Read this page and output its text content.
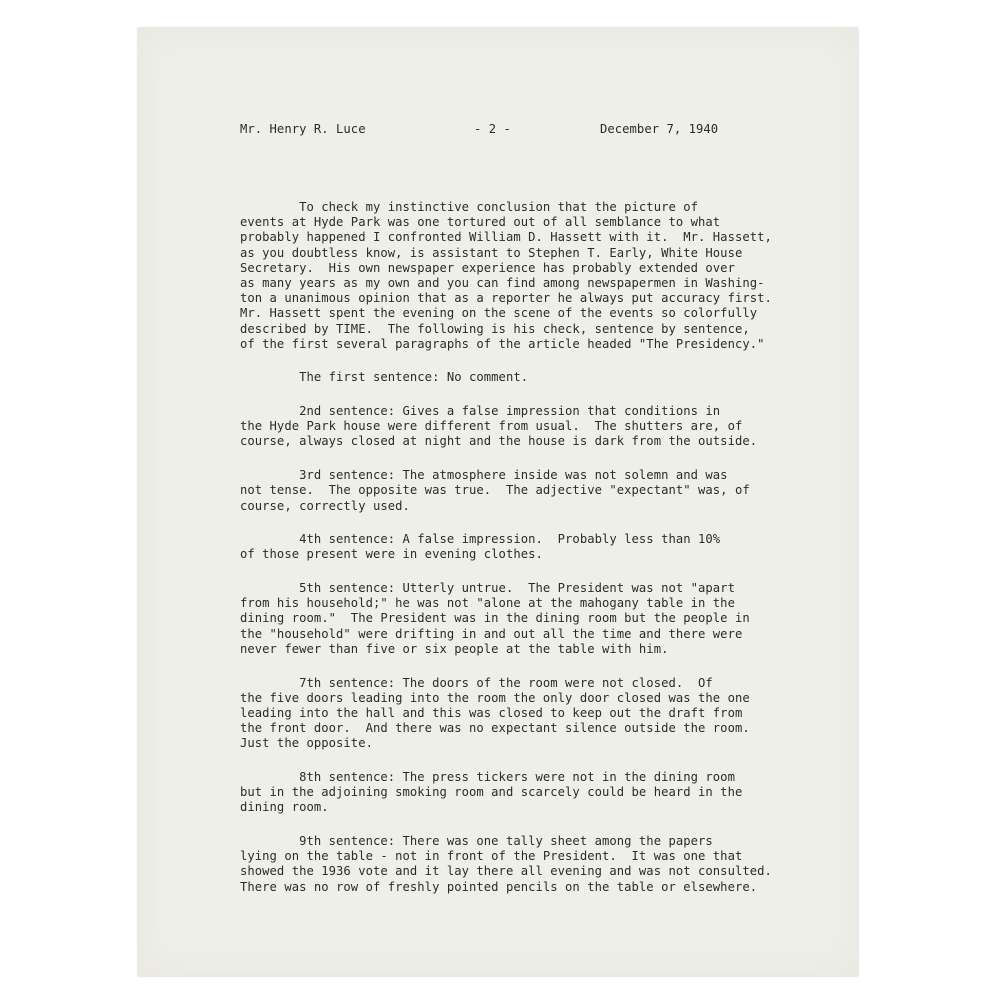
Mr. Henry R. Luce	- 2 -	December 7, 1940
To check my instinctive conclusion that the picture of
events at Hyde Park was one tortured out of all semblance to what
probably happened I confronted William D. Hassett with it.  Mr. Hassett,
as you doubtless know, is assistant to Stephen T. Early, White House
Secretary.  His own newspaper experience has probably extended over
as many years as my own and you can find among newspapermen in Washing-
ton a unanimous opinion that as a reporter he always put accuracy first.
Mr. Hassett spent the evening on the scene of the events so colorfully
described by TIME.  The following is his check, sentence by sentence,
of the first several paragraphs of the article headed "The Presidency."
The first sentence: No comment.
2nd sentence: Gives a false impression that conditions in
the Hyde Park house were different from usual.  The shutters are, of
course, always closed at night and the house is dark from the outside.
3rd sentence: The atmosphere inside was not solemn and was
not tense.  The opposite was true.  The adjective "expectant" was, of
course, correctly used.
4th sentence: A false impression.  Probably less than 10%
of those present were in evening clothes.
5th sentence: Utterly untrue.  The President was not "apart
from his household;" he was not "alone at the mahogany table in the
dining room."  The President was in the dining room but the people in
the "household" were drifting in and out all the time and there were
never fewer than five or six people at the table with him.
7th sentence: The doors of the room were not closed.  Of
the five doors leading into the room the only door closed was the one
leading into the hall and this was closed to keep out the draft from
the front door.  And there was no expectant silence outside the room.
Just the opposite.
8th sentence: The press tickers were not in the dining room
but in the adjoining smoking room and scarcely could be heard in the
dining room.
9th sentence: There was one tally sheet among the papers
lying on the table - not in front of the President.  It was one that
showed the 1936 vote and it lay there all evening and was not consulted.
There was no row of freshly pointed pencils on the table or elsewhere.
